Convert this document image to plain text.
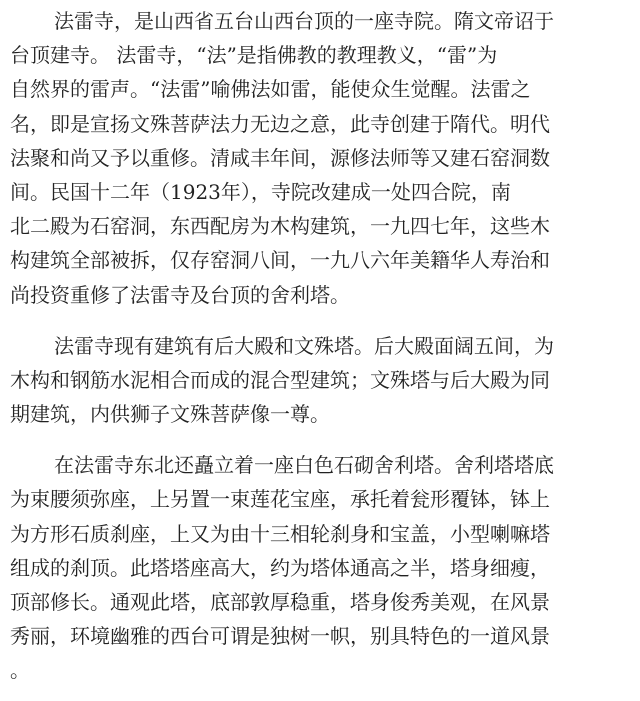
法雷寺，是山西省五台山西台顶的一座寺院。隋文帝诏于
台顶建寺。 法雷寺，“法”是指佛教的教理教义，“雷”为
自然界的雷声。“法雷”喻佛法如雷，能使众生觉醒。法雷之
名，即是宣扬文殊菩萨法力无边之意，此寺创建于隋代。明代
法聚和尚又予以重修。清咸丰年间，源修法师等又建石窑洞数
间。民国十二年（1923年），寺院改建成一处四合院，南
北二殿为石窑洞，东西配房为木构建筑，一九四七年，这些木
构建筑全部被拆，仅存窑洞八间，一九八六年美籍华人寿治和
尚投资重修了法雷寺及台顶的舍利塔。
法雷寺现有建筑有后大殿和文殊塔。后大殿面阔五间，为
木构和钢筋水泥相合而成的混合型建筑；文殊塔与后大殿为同
期建筑，内供狮子文殊菩萨像一尊。
在法雷寺东北还矗立着一座白色石砌舍利塔。舍利塔塔底
为束腰须弥座，上另置一束莲花宝座，承托着瓮形覆钵，钵上
为方形石质刹座，上又为由十三相轮刹身和宝盖，小型喇嘛塔
组成的刹顶。此塔塔座高大，约为塔体通高之半，塔身细瘦，
顶部修长。通观此塔，底部敦厚稳重，塔身俊秀美观，在风景
秀丽，环境幽雅的西台可谓是独树一帜，别具特色的一道风景
。
